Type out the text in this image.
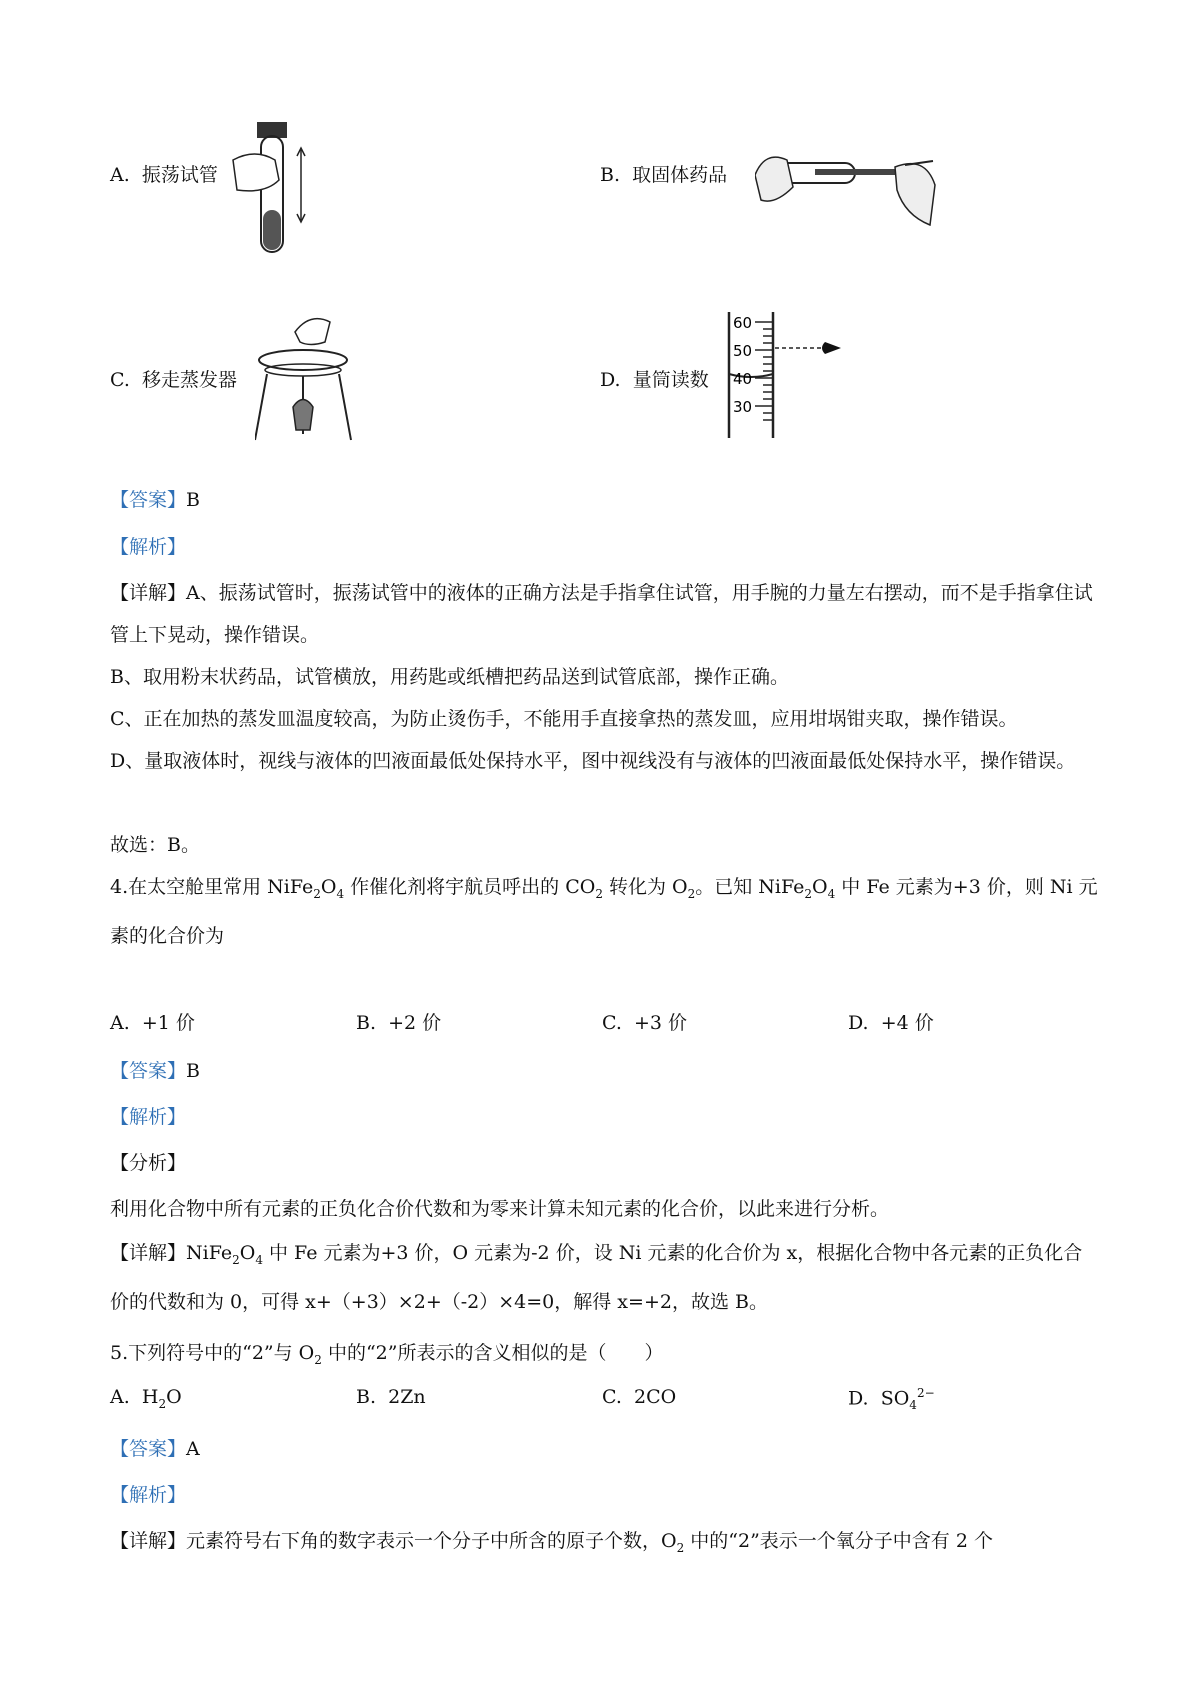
A. 振荡试管	B. 取固体药品
C. 移走蒸发器	D. 量筒读数
60
50
40
30
【答案】B
【解析】
【详解】A、振荡试管时，振荡试管中的液体的正确方法是手指拿住试管，用手腕的力量左右摆动，而不是手指拿住试管上下晃动，操作错误。
B、取用粉末状药品，试管横放，用药匙或纸槽把药品送到试管底部，操作正确。
C、正在加热的蒸发皿温度较高，为防止烫伤手，不能用手直接拿热的蒸发皿，应用坩埚钳夹取，操作错误。
D、量取液体时，视线与液体的凹液面最低处保持水平，图中视线没有与液体的凹液面最低处保持水平，操作错误。
故选：B。
4.在太空舱里常用 $NiFe_2O_4$ 作催化剂将宇航员呼出的 $CO_2$ 转化为 $O_2$。已知 $NiFe_2O_4$ 中 Fe 元素为+3 价，则 Ni 元素的化合价为
A. +1 价	B. +2 价	C. +3 价	D. +4 价
【答案】B
【解析】
【分析】
利用化合物中所有元素的正负化合价代数和为零来计算未知元素的化合价，以此来进行分析。
【详解】$NiFe_2O_4$ 中 Fe 元素为+3 价，O 元素为-2 价，设 Ni 元素的化合价为 x，根据化合物中各元素的正负化合价的代数和为 0，可得 x+（+3）×2+（-2）×4=0，解得 x=+2，故选 B。
5.下列符号中的“2”与 $O_2$ 中的“2”所表示的含义相似的是（　　）
A. $H_2O$	B. 2Zn	C. 2CO	D. $SO_4^{2-}$
【答案】A
【解析】
【详解】元素符号右下角的数字表示一个分子中所含的原子个数，$O_2$ 中的“2”表示一个氧分子中含有 2 个
